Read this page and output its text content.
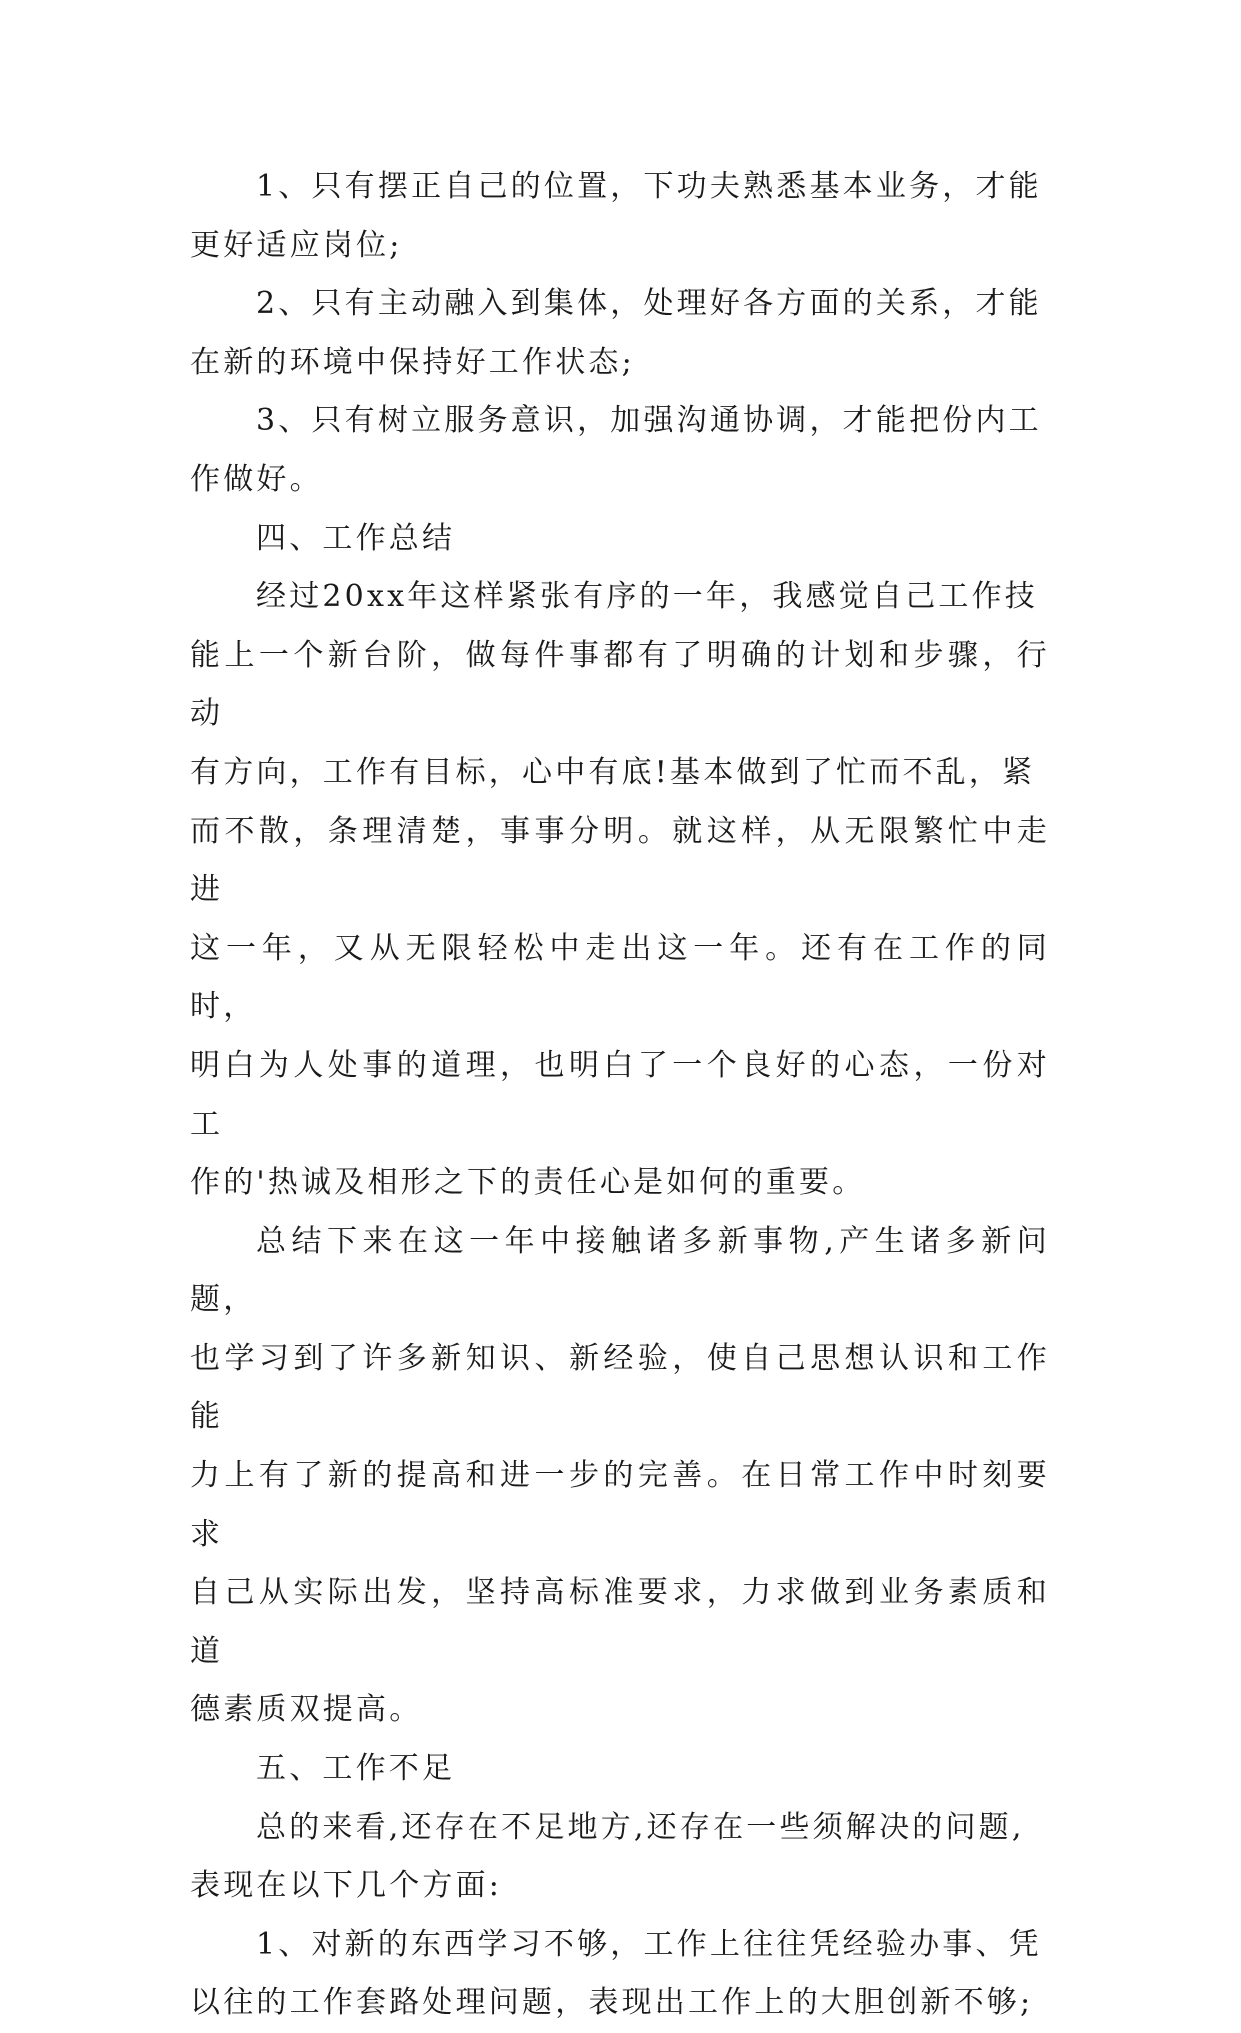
1、只有摆正自己的位置，下功夫熟悉基本业务，才能
更好适应岗位;

2、只有主动融入到集体，处理好各方面的关系，才能
在新的环境中保持好工作状态;

3、只有树立服务意识，加强沟通协调，才能把份内工
作做好。

四、工作总结

经过20xx年这样紧张有序的一年，我感觉自己工作技
能上一个新台阶，做每件事都有了明确的计划和步骤，行动
有方向，工作有目标，心中有底!基本做到了忙而不乱，紧
而不散，条理清楚，事事分明。就这样，从无限繁忙中走进
这一年，又从无限轻松中走出这一年。还有在工作的同时，
明白为人处事的道理，也明白了一个良好的心态，一份对工
作的'热诚及相形之下的责任心是如何的重要。

总结下来在这一年中接触诸多新事物,产生诸多新问题，
也学习到了许多新知识、新经验，使自己思想认识和工作能
力上有了新的提高和进一步的完善。在日常工作中时刻要求
自己从实际出发，坚持高标准要求，力求做到业务素质和道
德素质双提高。

五、工作不足

总的来看,还存在不足地方,还存在一些须解决的问题,
表现在以下几个方面:

1、对新的东西学习不够，工作上往往凭经验办事、凭
以往的工作套路处理问题，表现出工作上的大胆创新不够;
